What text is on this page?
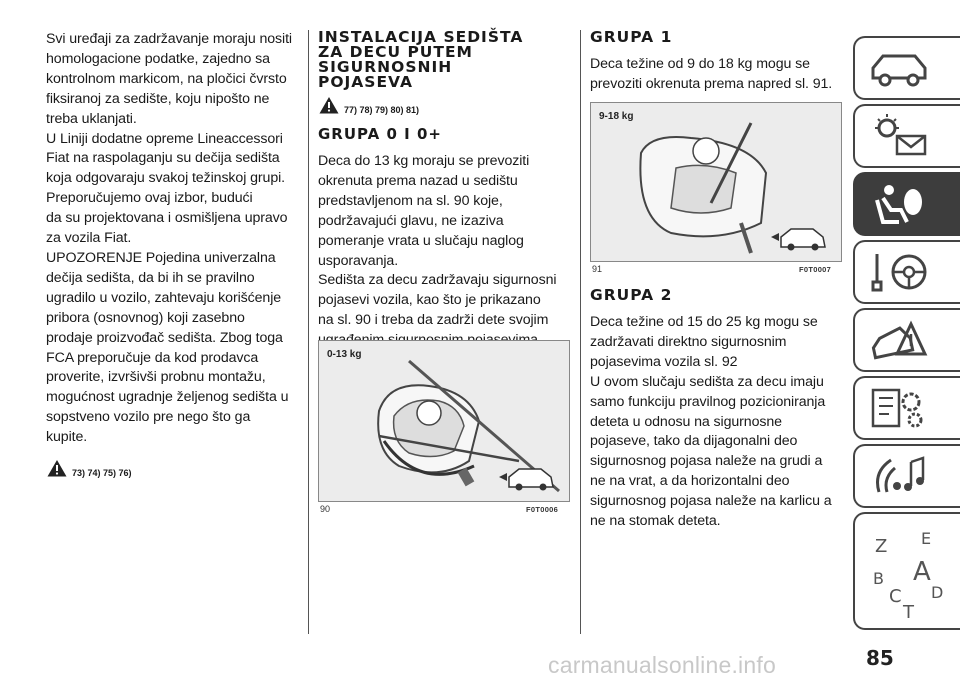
Svi uređaji za zadržavanje moraju nositi
homologacione podatke, zajedno sa
kontrolnom markicom, na pločici čvrsto
fiksiranoj za sedište, koju nipošto ne
treba uklanjati.
U Liniji dodatne opreme Lineaccessori
Fiat na raspolaganju su dečija sedišta
koja odgovaraju svakoj težinskoj grupi.
Preporučujemo ovaj izbor, budući
da su projektovana i osmišljena upravo
za vozila Fiat.
UPOZORENJE Pojedina univerzalna
dečija sedišta, da bi ih se pravilno
ugradilo u vozilo, zahtevaju korišćenje
pribora (osnovnog) koji zasebno
prodaje proizvođač sedišta. Zbog toga
FCA preporučuje da kod prodavca
proverite, izvršivši probnu montažu,
mogućnost ugradnje željenog sedišta u
sopstveno vozilo pre nego što ga
kupite.

73) 74) 75) 76)
INSTALACIJA SEDIŠTA
ZA DECU PUTEM
SIGURNOSNIH
POJASEVA
77) 78) 79) 80) 81)
GRUPA 0 I 0+

Deca do 13 kg moraju se prevoziti
okrenuta prema nazad u sedištu
predstavljenom na sl. 90 koje,
podržavajući glavu, ne izaziva
pomeranje vrata u slučaju naglog
usporavanja.
Sedišta za decu zadržavaju sigurnosni
pojasevi vozila, kao što je prikazano
na sl. 90 i treba da zadrži dete svojim

0-13 kg
90	F0T0006
GRUPA 1

Deca težine od 9 do 18 kg mogu se
prevoziti okrenuta prema napred sl. 91.

9-18 kg
91	F0T0007
GRUPA 2

Deca težine od 15 do 25 kg mogu se
zadržavati direktno sigurnosnim
pojasevima vozila sl. 92
U ovom slučaju sedišta za decu imaju
samo funkciju pravilnog pozicioniranja
deteta u odnosu na sigurnosne
pojaseve, tako da dijagonalni deo
sigurnosnog pojasa naleže na grudi a
ne na vrat, a da horizontalni deo
sigurnosnog pojasa naleže na karlicu a
ne na stomak deteta.

Z E
B A
C
T
D
85
carmanualsonline.info
